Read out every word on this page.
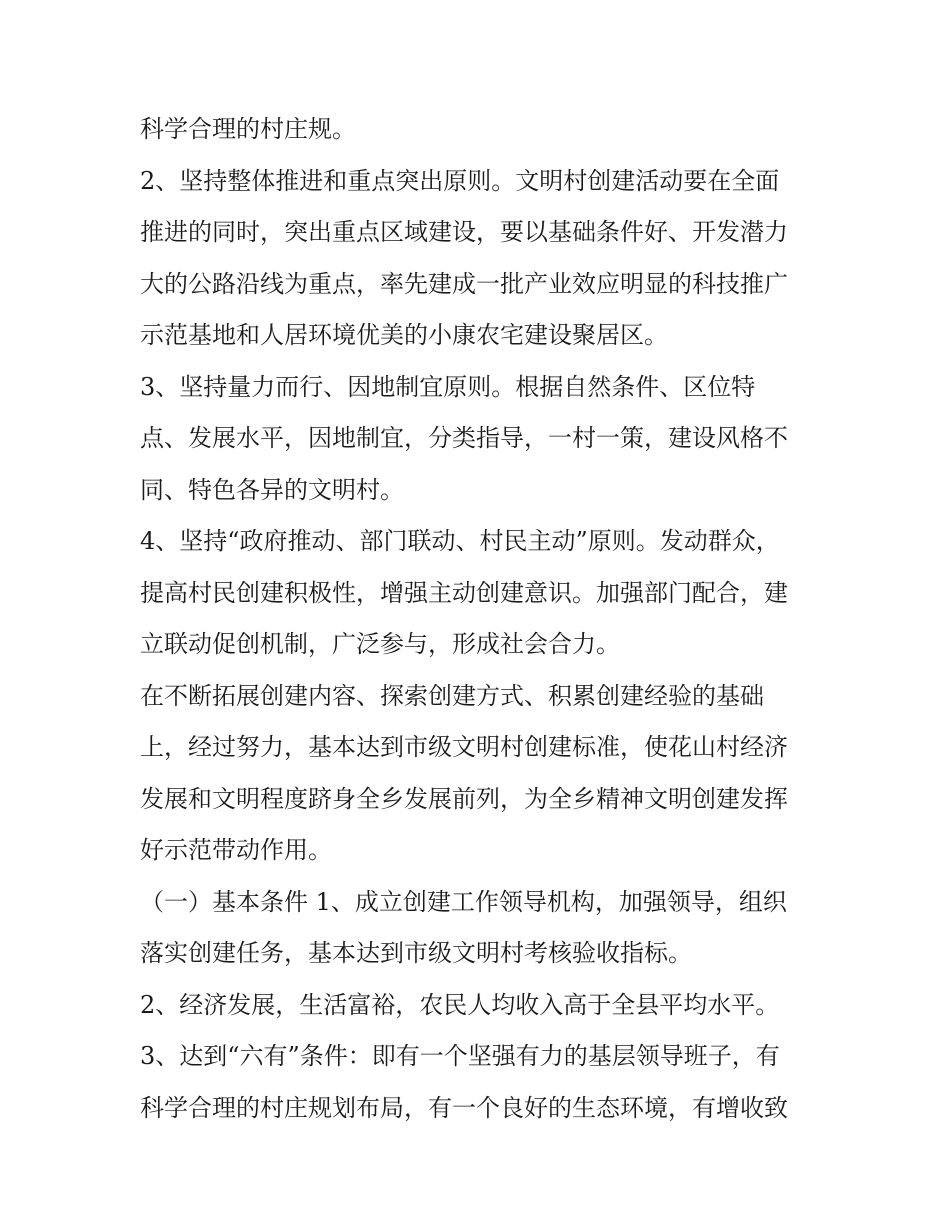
科学合理的村庄规。
2、坚持整体推进和重点突出原则。文明村创建活动要在全面
推进的同时，突出重点区域建设，要以基础条件好、开发潜力
大的公路沿线为重点，率先建成一批产业效应明显的科技推广
示范基地和人居环境优美的小康农宅建设聚居区。
3、坚持量力而行、因地制宜原则。根据自然条件、区位特
点、发展水平，因地制宜，分类指导，一村一策，建设风格不
同、特色各异的文明村。
4、坚持“政府推动、部门联动、村民主动”原则。发动群众，
提高村民创建积极性，增强主动创建意识。加强部门配合，建
立联动促创机制，广泛参与，形成社会合力。
在不断拓展创建内容、探索创建方式、积累创建经验的基础
上，经过努力，基本达到市级文明村创建标准，使花山村经济
发展和文明程度跻身全乡发展前列，为全乡精神文明创建发挥
好示范带动作用。
（一）基本条件 1、成立创建工作领导机构，加强领导，组织
落实创建任务，基本达到市级文明村考核验收指标。
2、经济发展，生活富裕，农民人均收入高于全县平均水平。
3、达到“六有”条件：即有一个坚强有力的基层领导班子，有
科学合理的村庄规划布局，有一个良好的生态环境，有增收致
